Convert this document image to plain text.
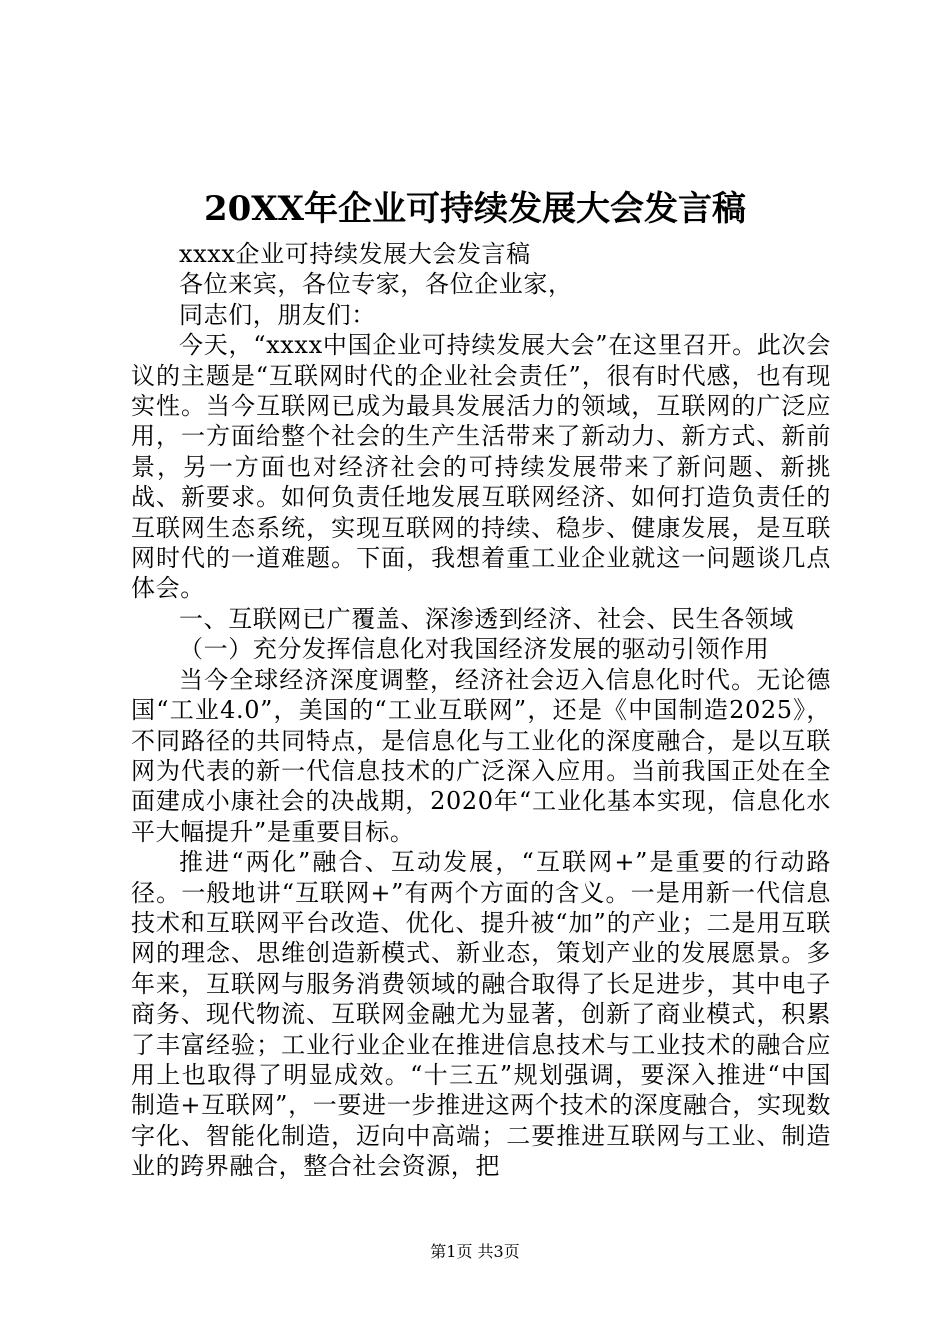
20XX年企业可持续发展大会发言稿

xxxx企业可持续发展大会发言稿

各位来宾，各位专家，各位企业家，

同志们，朋友们：

今天，“xxxx中国企业可持续发展大会”在这里召开。此次会议的主题是“互联网时代的企业社会责任”，很有时代感，也有现实性。当今互联网已成为最具发展活力的领域，互联网的广泛应用，一方面给整个社会的生产生活带来了新动力、新方式、新前景，另一方面也对经济社会的可持续发展带来了新问题、新挑战、新要求。如何负责任地发展互联网经济、如何打造负责任的互联网生态系统，实现互联网的持续、稳步、健康发展，是互联网时代的一道难题。下面，我想着重工业企业就这一问题谈几点体会。

一、互联网已广覆盖、深渗透到经济、社会、民生各领域

（一）充分发挥信息化对我国经济发展的驱动引领作用

当今全球经济深度调整，经济社会迈入信息化时代。无论德国“工业4.0”，美国的“工业互联网”，还是《中国制造2025》，不同路径的共同特点，是信息化与工业化的深度融合，是以互联网为代表的新一代信息技术的广泛深入应用。当前我国正处在全面建成小康社会的决战期，2020年“工业化基本实现，信息化水平大幅提升”是重要目标。

推进“两化”融合、互动发展，“互联网+”是重要的行动路径。一般地讲“互联网+”有两个方面的含义。一是用新一代信息技术和互联网平台改造、优化、提升被“加”的产业；二是用互联网的理念、思维创造新模式、新业态，策划产业的发展愿景。多年来，互联网与服务消费领域的融合取得了长足进步，其中电子商务、现代物流、互联网金融尤为显著，创新了商业模式，积累了丰富经验；工业行业企业在推进信息技术与工业技术的融合应用上也取得了明显成效。“十三五”规划强调，要深入推进“中国制造+互联网”，一要进一步推进这两个技术的深度融合，实现数字化、智能化制造，迈向中高端；二要推进互联网与工业、制造业的跨界融合，整合社会资源，把

第1页 共3页
